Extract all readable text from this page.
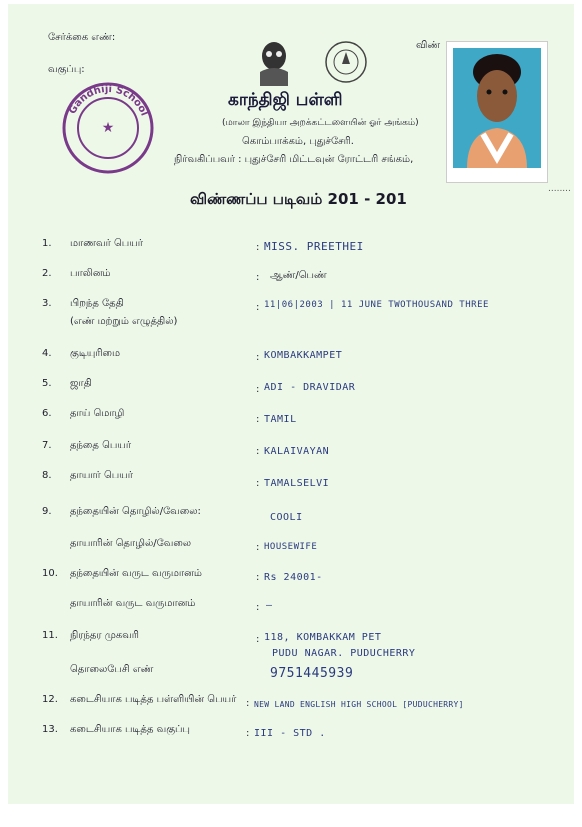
சேர்க்கை எண்:
வகுப்பு:
விண்
Gandhiji School
★
காந்திஜி பள்ளி
(மாலா இந்தியா அறக்கட்டளையின் ஓர் அங்கம்)
கொம்பாக்கம், புதுச்சேரி.
நிர்வகிப்பவர் : புதுச்சேரி மிட்டவுன் ரோட்டரி சங்கம்,
........
விண்ணப்ப படிவம் 201 - 201
1. மாணவர் பெயர்	: MISS. PREETHEI
2. பாலினம்	: ஆண்/பெண்
3. பிறந்த தேதி
(எண் மற்றும் எழுத்தில்)
: 11|06|2003 | 11 JUNE TWOTHOUSAND THREE
4. குடியுரிமை	: KOMBAKKAMPET
5. ஜாதி
: ADI - DRAVIDAR
6. தாய் மொழி
: TAMIL
7. தந்தை பெயர்
: KALAIVAYAN
8. தாயார் பெயர்
: TAMALSELVI
9. தந்தையின் தொழில்/வேலை:
COOLI
தாயாரின் தொழில்/வேலை	: HOUSEWIFE
10. தந்தையின் வருட வருமானம்	: Rs 24001-
தாயாரின் வருட வருமானம்	: —
11. நிரந்தர முகவரி	: 118, KOMBAKKAM PET
PUDU NAGAR. PUDUCHERRY
தொலைபேசி எண்	9751445939
12. கடைசியாக படித்த பள்ளியின் பெயர் : NEW LAND ENGLISH HIGH SCHOOL [PUDUCHERRY]
13. கடைசியாக படித்த வகுப்பு	: III - STD .
